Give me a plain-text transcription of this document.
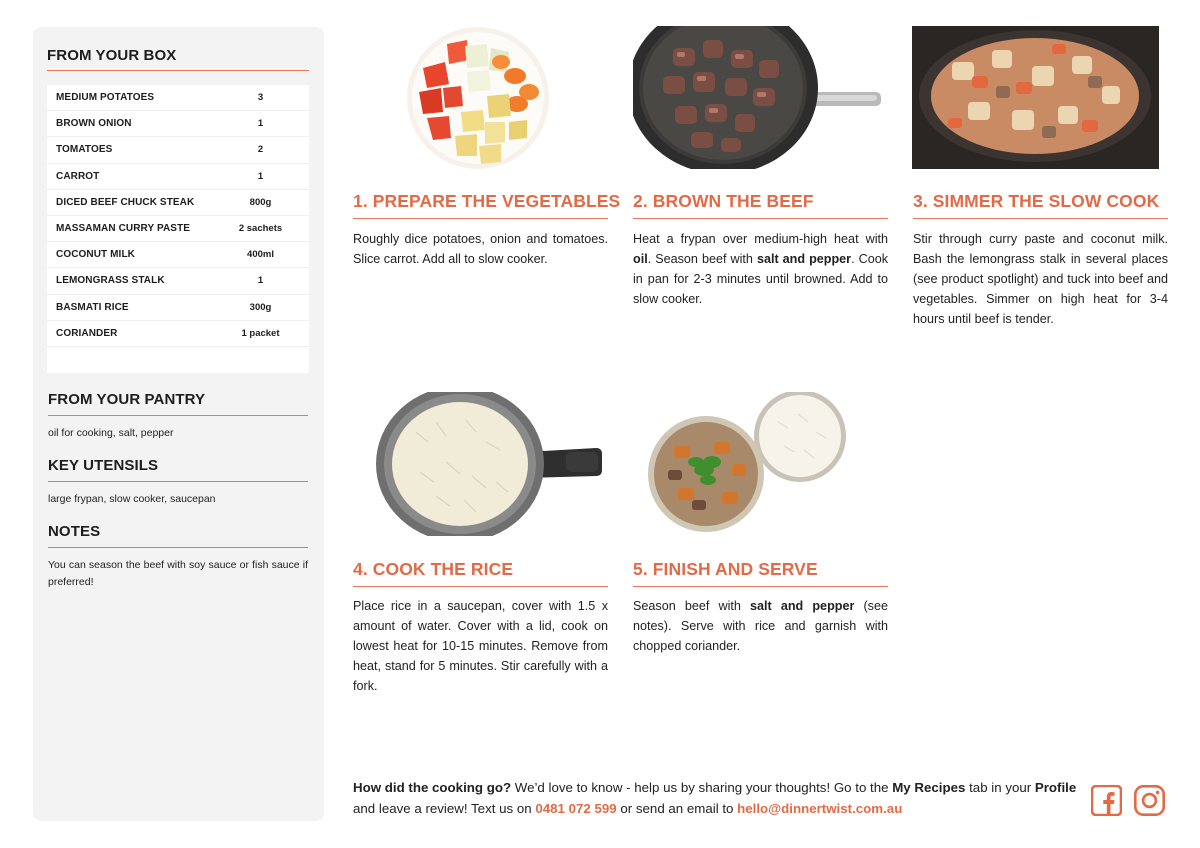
FROM YOUR BOX
MEDIUM POTATOES	3
BROWN ONION	1
TOMATOES	2
CARROT	1
DICED BEEF CHUCK STEAK	800g
MASSAMAN CURRY PASTE	2 sachets
COCONUT MILK	400ml
LEMONGRASS STALK	1
BASMATI RICE	300g
CORIANDER	1 packet
FROM YOUR PANTRY
oil for cooking, salt, pepper
KEY UTENSILS
large frypan, slow cooker, saucepan
NOTES
You can season the beef with soy sauce or fish sauce if preferred!
1. PREPARE THE VEGETABLES
Roughly dice potatoes, onion and tomatoes. Slice carrot. Add all to slow cooker.
2. BROWN THE BEEF
Heat a frypan over medium-high heat with oil. Season beef with salt and pepper. Cook in pan for 2-3 minutes until browned. Add to slow cooker.
3. SIMMER THE SLOW COOK
Stir through curry paste and coconut milk. Bash the lemongrass stalk in several places (see product spotlight) and tuck into beef and vegetables. Simmer on high heat for 3-4 hours until beef is tender.
4. COOK THE RICE
Place rice in a saucepan, cover with 1.5 x amount of water. Cover with a lid, cook on lowest heat for 10-15 minutes. Remove from heat, stand for 5 minutes. Stir carefully with a fork.
5. FINISH AND SERVE
Season beef with salt and pepper (see notes). Serve with rice and garnish with chopped coriander.
How did the cooking go? We’d love to know - help us by sharing your thoughts! Go to the My Recipes tab in your Profile and leave a review! Text us on 0481 072 599 or send an email to hello@dinnertwist.com.au
